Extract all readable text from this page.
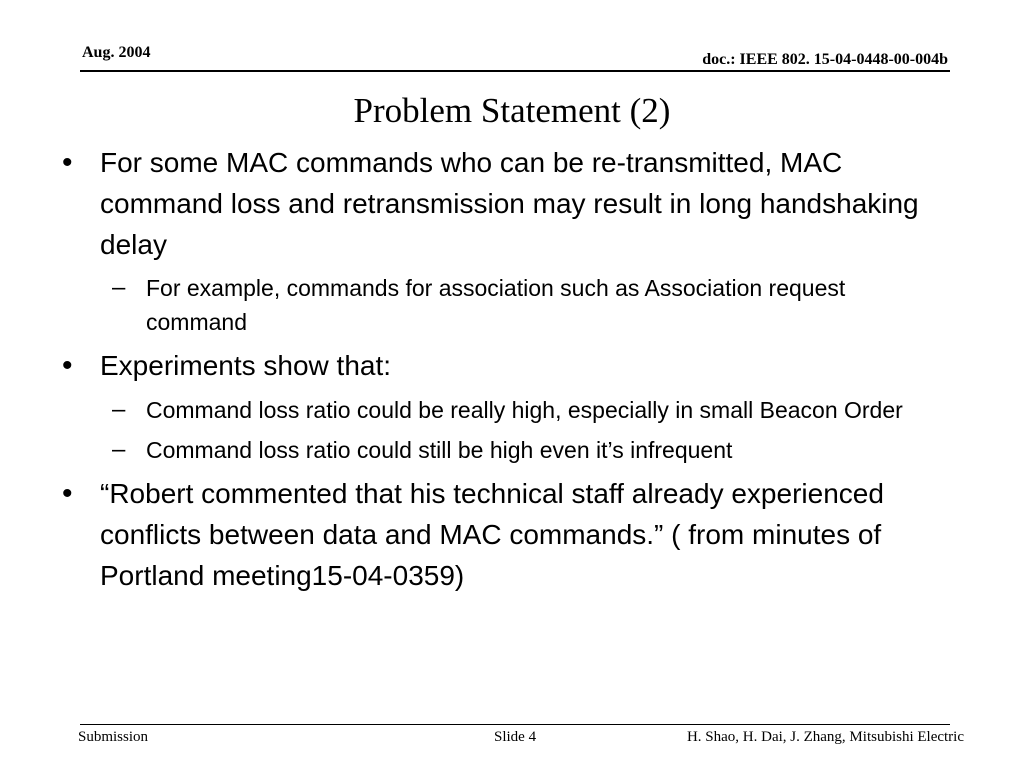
Aug. 2004	doc.: IEEE 802. 15-04-0448-00-004b
Problem Statement (2)
• For some MAC commands who can be re-transmitted, MAC command loss and retransmission may result in long handshaking delay
– For example, commands for association such as Association request command
• Experiments show that:
– Command loss ratio could be really high, especially in small Beacon Order
– Command loss ratio could still be high even it’s infrequent
• “Robert commented that his technical staff already experienced conflicts between data and MAC commands.” ( from minutes of Portland meeting15-04-0359)
Submission	Slide 4	H. Shao, H. Dai, J. Zhang, Mitsubishi Electric
